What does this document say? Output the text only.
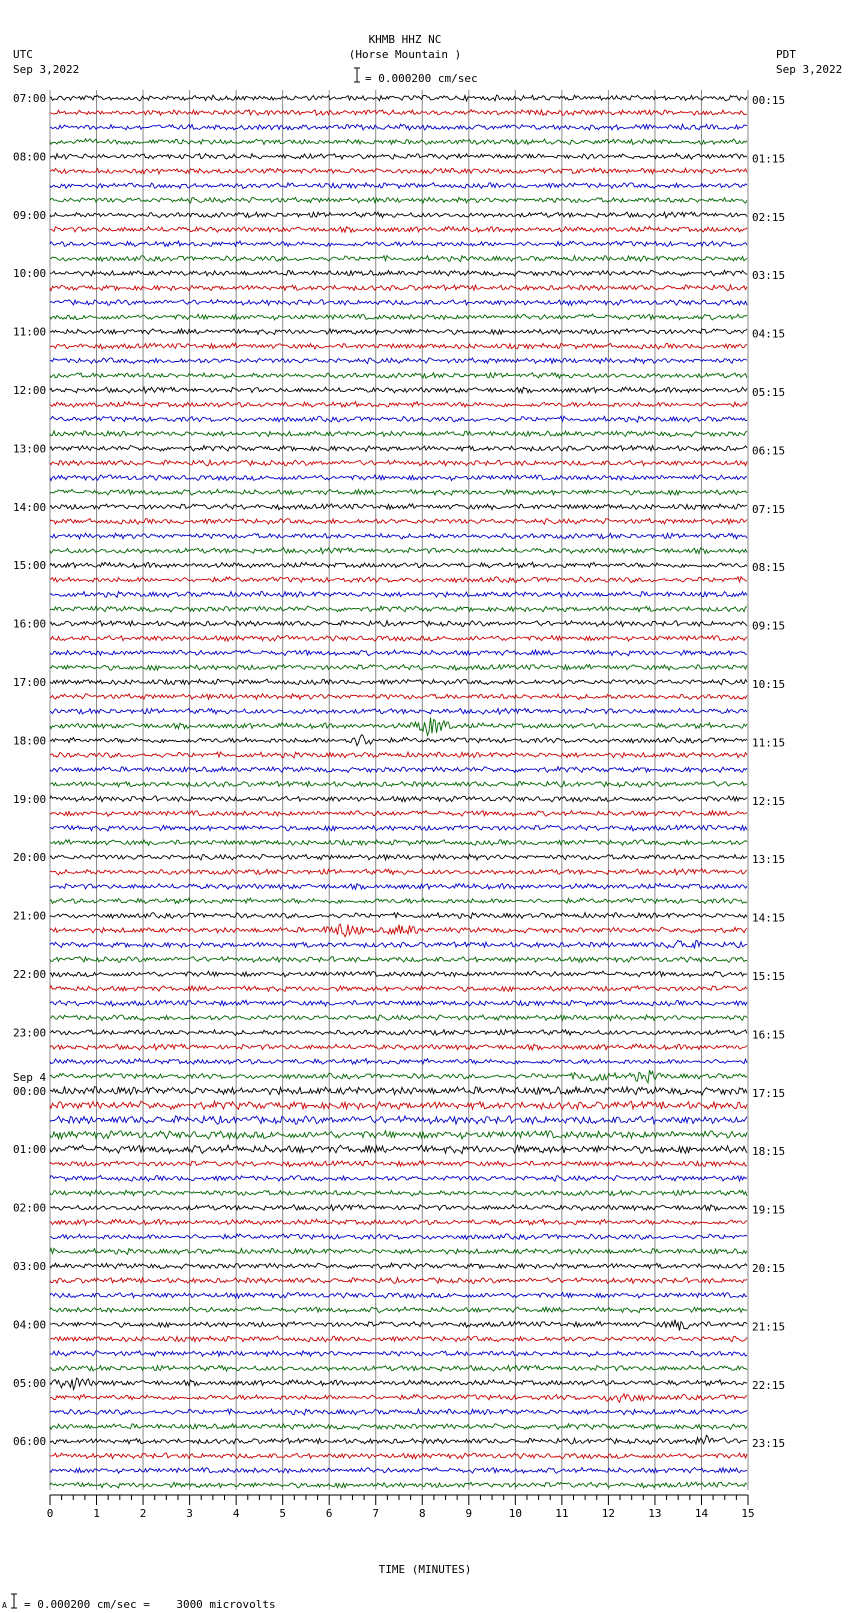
KHMB HHZ NC
(Horse Mountain )
= 0.000200 cm/sec
UTC
Sep 3,2022
PDT
Sep 3,2022
07:00
08:00
09:00
10:00
11:00
12:00
13:00
14:00
15:00
16:00
17:00
18:00
19:00
20:00
21:00
22:00
23:00
00:00
01:00
02:00
03:00
04:00
05:00
06:00
Sep 4
00:15
01:15
02:15
03:15
04:15
05:15
06:15
07:15
08:15
09:15
10:15
11:15
12:15
13:15
14:15
15:15
16:15
17:15
18:15
19:15
20:15
21:15
22:15
23:15
0	1	2	3	4	5	6	7	8	9	10	11	12	13	14	15
TIME (MINUTES)
A = 0.000200 cm/sec =    3000 microvolts
